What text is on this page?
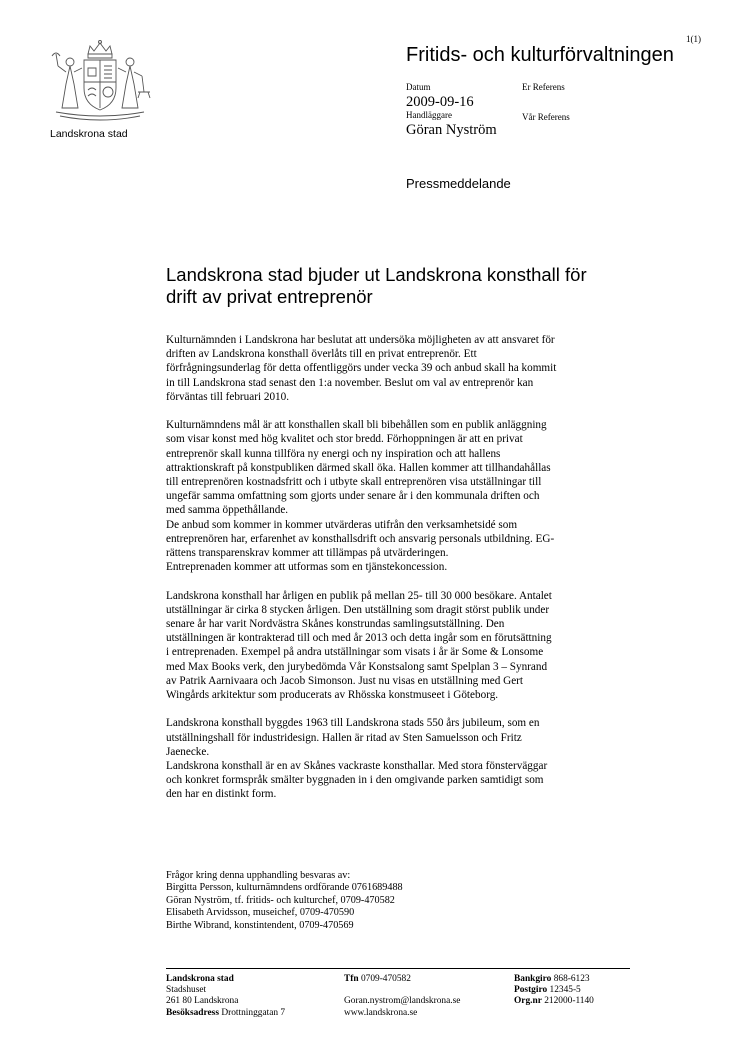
1(1)
Landskrona stad
Fritids- och kulturförvaltningen
Datum	Er Referens
2009-09-16
Handläggare	Vår Referens
Göran Nyström
Pressmeddelande
Landskrona stad bjuder ut Landskrona konsthall för
drift av privat entreprenör

Kulturnämnden i Landskrona har beslutat att undersöka möjligheten av att ansvaret för
driften av Landskrona konsthall överlåts till en privat entreprenör. Ett
förfrågningsunderlag för detta offentliggörs under vecka 39 och anbud skall ha kommit
in till Landskrona stad senast den 1:a november. Beslut om val av entreprenör kan
förväntas till februari 2010.

Kulturnämndens mål är att konsthallen skall bli bibehållen som en publik anläggning
som visar konst med hög kvalitet och stor bredd. Förhoppningen är att en privat
entreprenör skall kunna tillföra ny energi och ny inspiration och att hallens
attraktionskraft på konstpubliken därmed skall öka. Hallen kommer att tillhandahållas
till entreprenören kostnadsfritt och i utbyte skall entreprenören visa utställningar till
ungefär samma omfattning som gjorts under senare år i den kommunala driften och
med samma öppethållande.

De anbud som kommer in kommer utvärderas utifrån den verksamhetsidé som
entreprenören har, erfarenhet av konsthallsdrift och ansvarig personals utbildning. EG-
rättens transparenskrav kommer att tillämpas på utvärderingen.

Entreprenaden kommer att utformas som en tjänstekoncession.

Landskrona konsthall har årligen en publik på mellan 25- till 30 000 besökare. Antalet
utställningar är cirka 8 stycken årligen. Den utställning som dragit störst publik under
senare år har varit Nordvästra Skånes konstrundas samlingsutställning. Den
utställningen är kontrakterad till och med år 2013 och detta ingår som en förutsättning
i entreprenaden. Exempel på andra utställningar som visats i år är Some & Lonsome
med Max Books verk, den jurybedömda Vår Konstsalong samt Spelplan 3 – Synrand
av Patrik Aarnivaara och Jacob Simonson. Just nu visas en utställning med Gert
Wingårds arkitektur som producerats av Rhösska konstmuseet i Göteborg.

Landskrona konsthall byggdes 1963 till Landskrona stads 550 års jubileum, som en
utställningshall för industridesign. Hallen är ritad av Sten Samuelsson och Fritz
Jaenecke.

Landskrona konsthall är en av Skånes vackraste konsthallar. Med stora fönsterväggar
och konkret formspråk smälter byggnaden in i den omgivande parken samtidigt som
den har en distinkt form.

Frågor kring denna upphandling besvaras av:
Birgitta Persson, kulturnämndens ordförande 0761689488
Göran Nyström, tf. fritids- och kulturchef, 0709-470582
Elisabeth Arvidsson, museichef, 0709-470590
Birthe Wibrand, konstintendent, 0709-470569
Landskrona stad
Stadshuset
261 80 Landskrona
Besöksadress Drottninggatan 7
Tfn 0709-470582

Goran.nystrom@landskrona.se
www.landskrona.se
Bankgiro 868-6123
Postgiro 12345-5
Org.nr 212000-1140
